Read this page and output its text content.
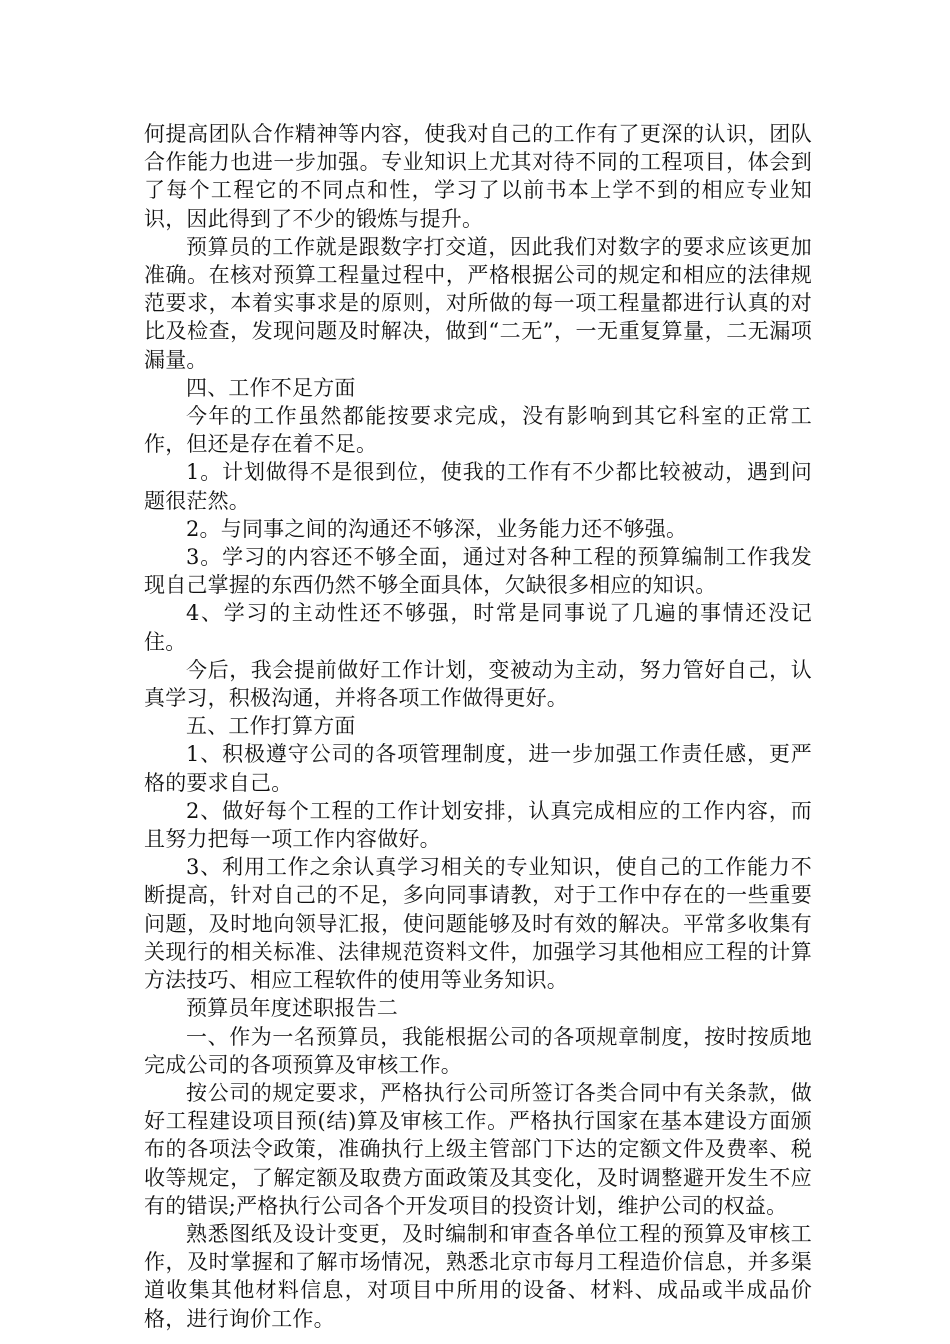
何提高团队合作精神等内容，使我对自己的工作有了更深的认识，团队合作能力也进一步加强。专业知识上尤其对待不同的工程项目，体会到了每个工程它的不同点和性，学习了以前书本上学不到的相应专业知识，因此得到了不少的锻炼与提升。

预算员的工作就是跟数字打交道，因此我们对数字的要求应该更加准确。在核对预算工程量过程中，严格根据公司的规定和相应的法律规范要求，本着实事求是的原则，对所做的每一项工程量都进行认真的对比及检查，发现问题及时解决，做到“二无”，一无重复算量，二无漏项漏量。

四、工作不足方面

今年的工作虽然都能按要求完成，没有影响到其它科室的正常工作，但还是存在着不足。

1。计划做得不是很到位，使我的工作有不少都比较被动，遇到问题很茫然。

2。与同事之间的沟通还不够深，业务能力还不够强。

3。学习的内容还不够全面，通过对各种工程的预算编制工作我发现自己掌握的东西仍然不够全面具体，欠缺很多相应的知识。

4、学习的主动性还不够强，时常是同事说了几遍的事情还没记住。

今后，我会提前做好工作计划，变被动为主动，努力管好自己，认真学习，积极沟通，并将各项工作做得更好。

五、工作打算方面

1、积极遵守公司的各项管理制度，进一步加强工作责任感，更严格的要求自己。

2、做好每个工程的工作计划安排，认真完成相应的工作内容，而且努力把每一项工作内容做好。

3、利用工作之余认真学习相关的专业知识，使自己的工作能力不断提高，针对自己的不足，多向同事请教，对于工作中存在的一些重要问题，及时地向领导汇报，使问题能够及时有效的解决。平常多收集有关现行的相关标准、法律规范资料文件，加强学习其他相应工程的计算方法技巧、相应工程软件的使用等业务知识。

预算员年度述职报告二

一、作为一名预算员，我能根据公司的各项规章制度，按时按质地完成公司的各项预算及审核工作。

按公司的规定要求，严格执行公司所签订各类合同中有关条款，做好工程建设项目预(结)算及审核工作。严格执行国家在基本建设方面颁布的各项法令政策，准确执行上级主管部门下达的定额文件及费率、税收等规定，了解定额及取费方面政策及其变化，及时调整避开发生不应有的错误;严格执行公司各个开发项目的投资计划，维护公司的权益。

熟悉图纸及设计变更，及时编制和审查各单位工程的预算及审核工作，及时掌握和了解市场情况，熟悉北京市每月工程造价信息，并多渠道收集其他材料信息，对项目中所用的设备、材料、成品或半成品价格，进行询价工作。
